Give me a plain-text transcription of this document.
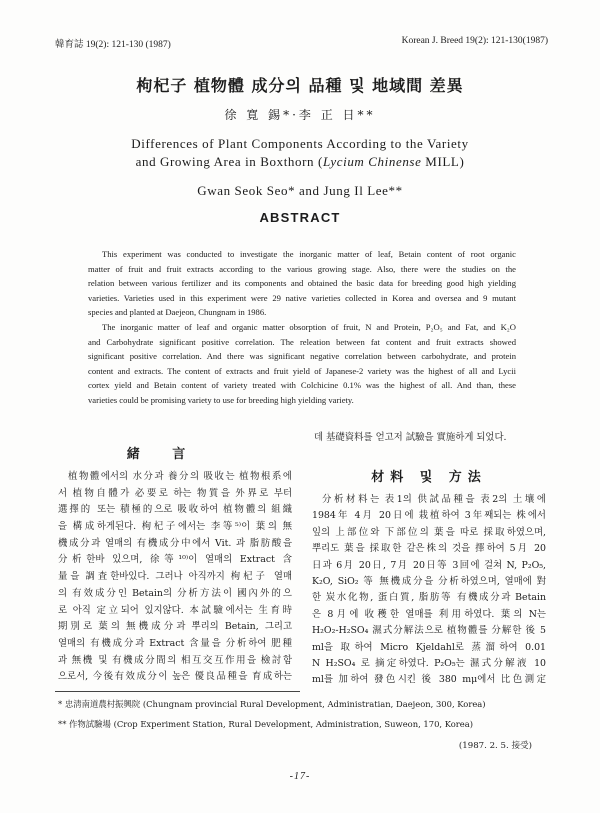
韓育誌 19(2): 121-130 (1987)	Korean J. Breed 19(2): 121-130(1987)
枸杞子 植物體 成分의 品種 및 地域間 差異
徐 寬 錫*·李 正 日**
Differences of Plant Components According to the Variety
and Growing Area in Boxthorn (Lycium Chinense MILL)
Gwan Seok Seo* and Jung Il Lee**
ABSTRACT
This experiment was conducted to investigate the inorganic matter of leaf, Betain content of root organic
matter of fruit and fruit extracts according to the various growing stage. Also, there were the studies on the
relation between various fertilizer and its components and obtained the basic data for breeding good high yielding
varieties. Varieties used in this experiment were 29 native varieties collected in Korea and oversea and 9 mutant
species and planted at Daejeon, Chungnam in 1986.
The inorganic matter of leaf and organic matter obsorption of fruit, N and Protein, P₂O₅ and Fat, and K₂O
and Carbohydrate significant positive correlation. The releation between fat content and fruit extracts showed
significant positive correlation. And there was significant negative correlation between carbohydrate, and protein
content and extracts. The content of extracts and fruit yield of Japanese-2 variety was the highest of all and Lycii
cortex yield and Betain content of variety treated with Colchicine 0.1% was the highest of all. And than, these
varieties could be promising variety to use for breeding high yielding variety.
緒 言
植物體에서의 水分과 養分의 吸收는 植物根系에
서 植物自體가 必要로 하는 物質을 外界로 부터
選擇的 또는 積極的으로 吸收하여 植物體의 組織
을 構成하게된다. 枸杞子에서는 李等⁵⁾이 葉의 無
機成分과 열매의 有機成分中에서 Vit. 과 脂肪酸을
分析한바 있으며, 徐等¹⁰⁾이 열매의 Extract 含
量을 調査한바있다. 그러나 아직까지 枸杞子 열매
의 有效成分인 Betain의 分析方法이 國內外的으
로 아직 定立되어 있지않다. 本試驗에서는 生育時
期別로 葉의 無機成分과 뿌리의 Betain, 그리고
열매의 有機成分과 Extract 含量을 分析하여 肥種
과 無機 및 有機成分間의 相互交互作用을 檢討함
으로서, 今後有效成分이 높은 優良品種을 育成하는
데 基礎資料를 얻고저 試驗을 實施하게 되었다.
材料 및 方法
分析材料는 表1의 供試品種을 表2의 土壤에
1984年 4月 20日에 栽植하여 3年째되는 株에서
잎의 上部位와 下部位의 葉을 따로 採取하였으며,
뿌리도 葉을 採取한 같은株의 것을 擇하여 5月 20
日과 6月 20日, 7月 20日等 3回에 걸쳐 N, P₂O₅,
K₂O, SiO₂ 等 無機成分을 分析하였으며, 열매에 對
한 炭水化物, 蛋白質, 脂肪等 有機成分과 Betain
은 8月에 收穫한 열매를 利用하였다. 葉의 N는
H₂O₂-H₂SO₄ 濕式分解法으로 植物體를 分解한 後 5
ml을 取하여 Micro Kjeldahl로 蒸溜하여 0.01
N H₂SO₄ 로 摘定하였다. P₂O₅는 濕式分解液 10
ml를 加하여 發色시킨 後 380 mμ에서 比色測定
* 忠淸南道農村振興院 (Chungnam provincial Rural Development, Administratian, Daejeon, 300, Korea)
** 作物試驗場 (Crop Experiment Station, Rural Development, Administration, Suweon, 170, Korea)
(1987. 2. 5. 接受)
-17-
